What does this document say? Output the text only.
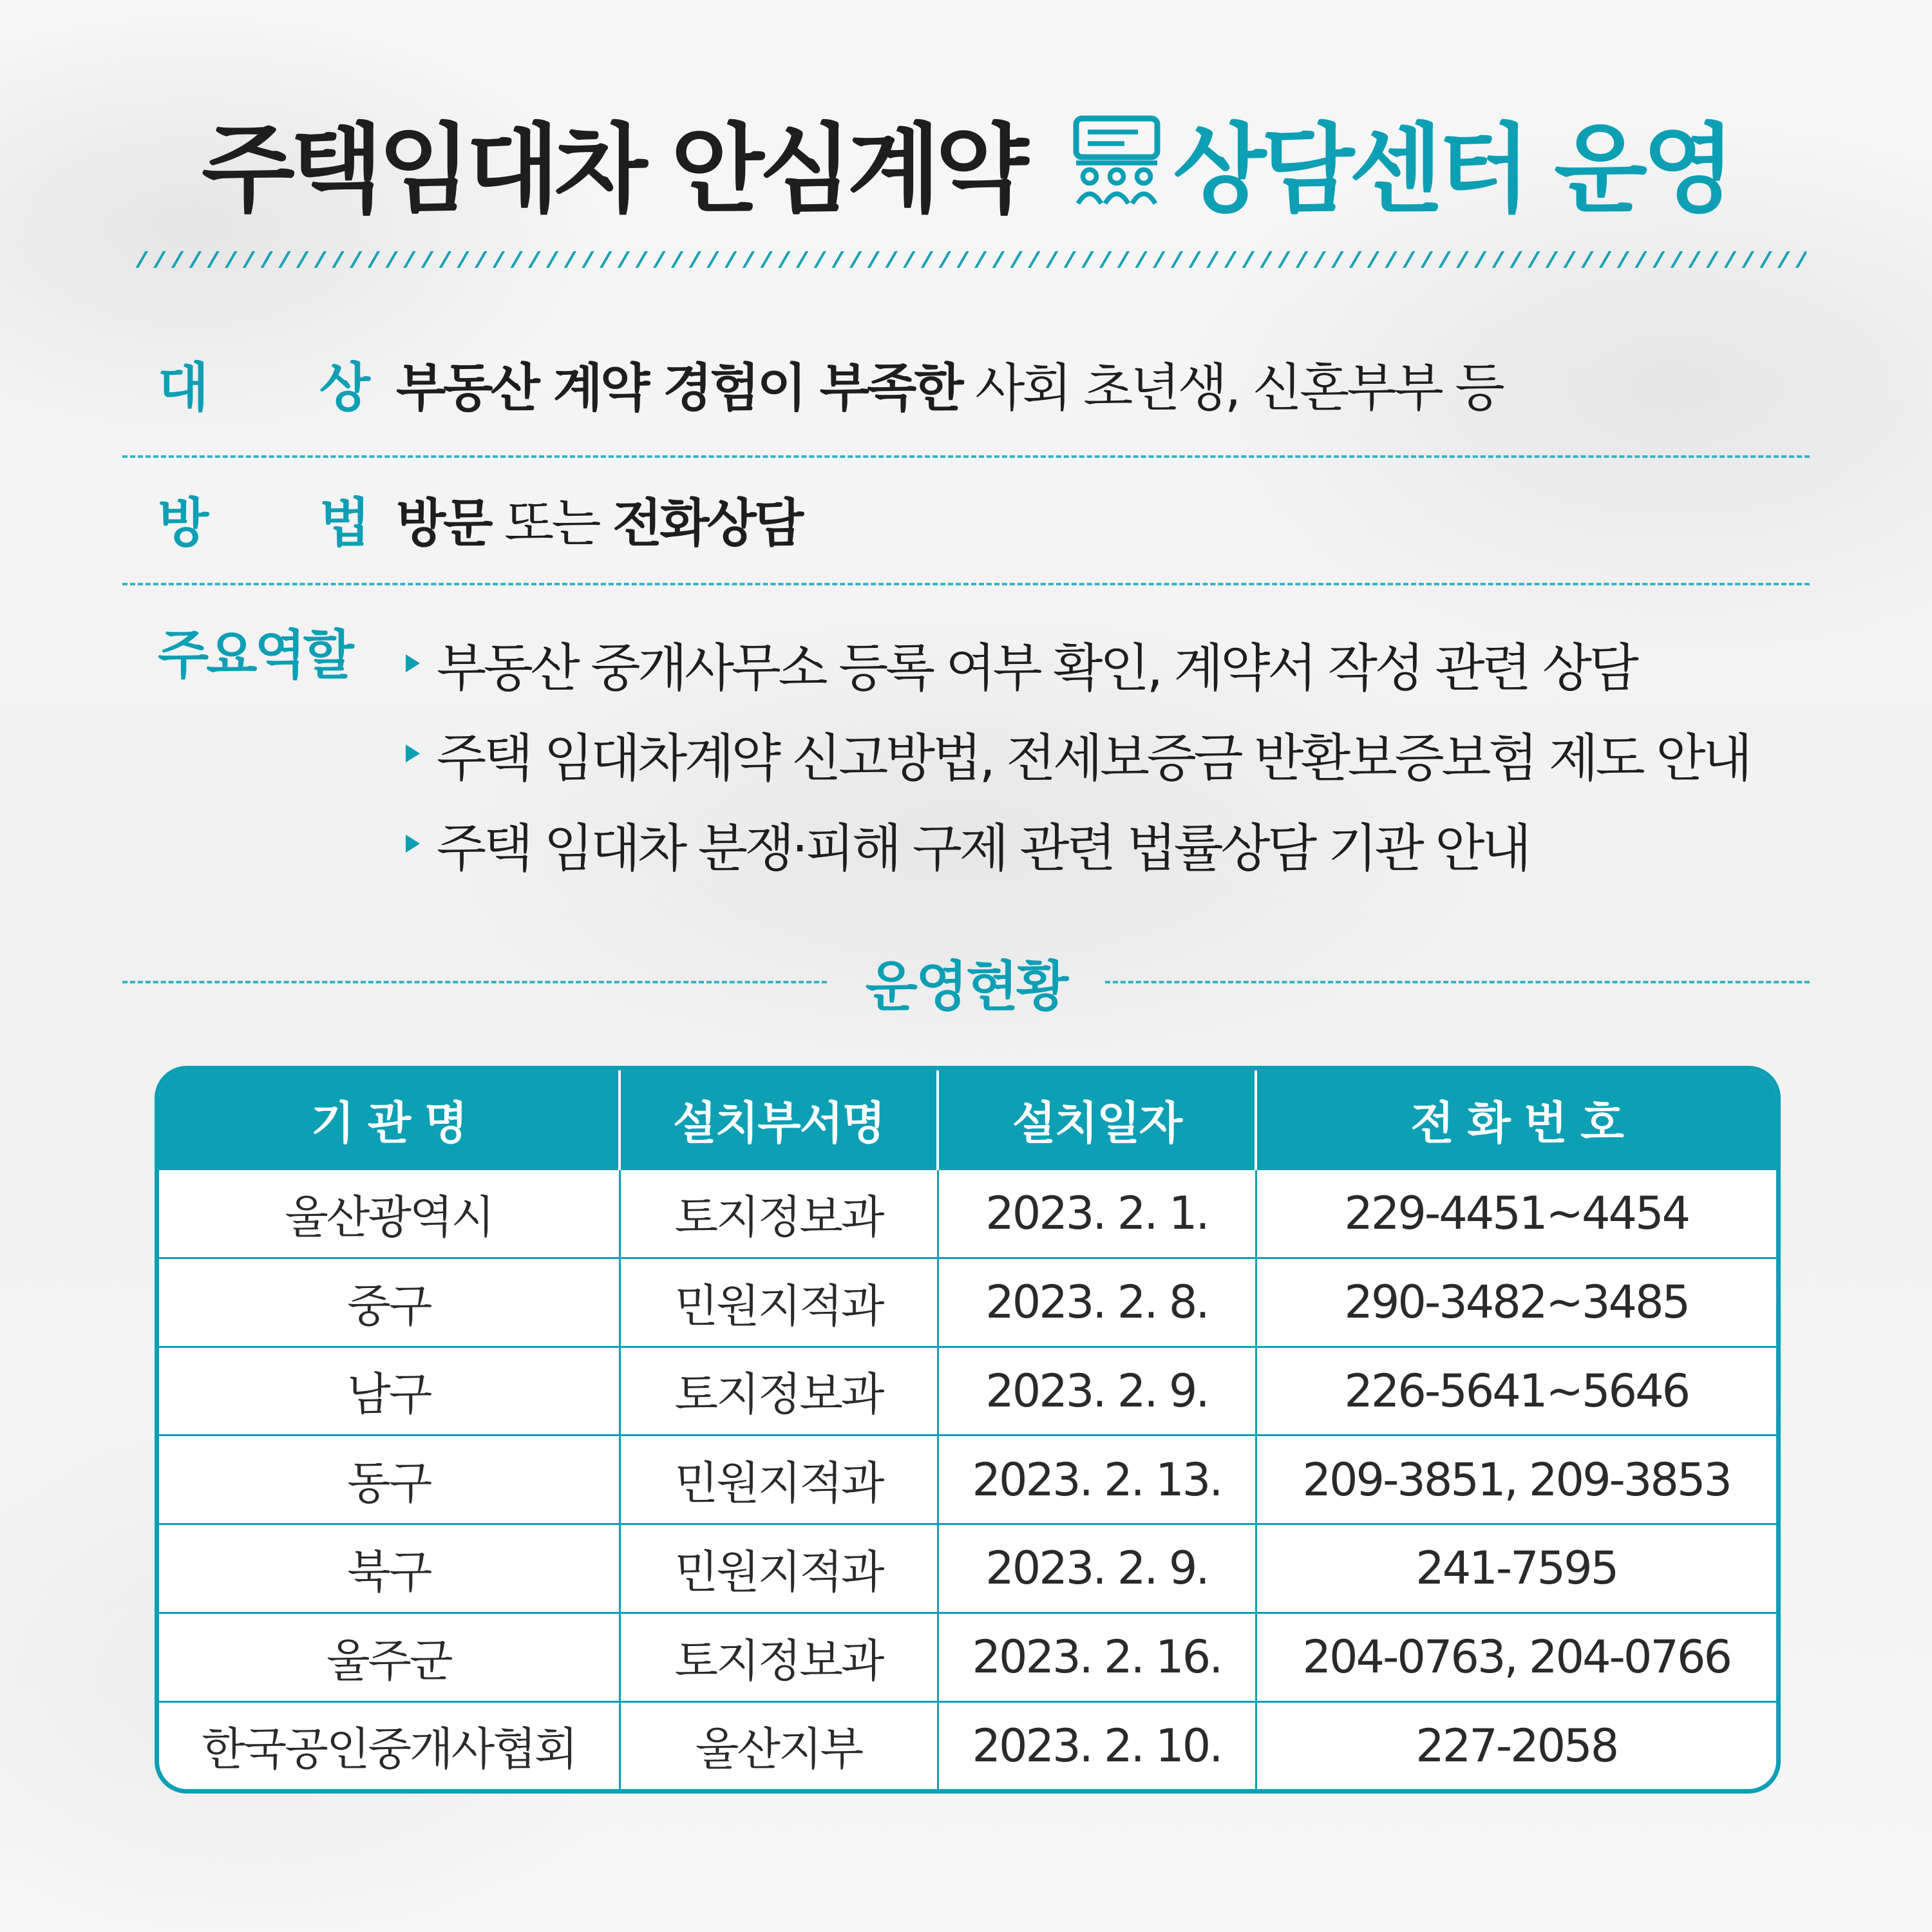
주택임대차 안심계약 상담센터 운영
대 상 부동산 계약 경험이 부족한 사회 초년생, 신혼부부 등
방 법 방문 또는 전화상담
주요역할	부동산 중개사무소 등록 여부 확인, 계약서 작성 관련 상담
주택 임대차계약 신고방법, 전세보증금 반환보증보험 제도 안내
주택 임대차 분쟁·피해 구제 관련 법률상담 기관 안내
운영현황
기 관 명	설치부서명	설치일자	전 화 번 호
울산광역시	토지정보과	2023. 2. 1.	229-4451~4454
중구	민원지적과	2023. 2. 8.	290-3482~3485
남구	토지정보과	2023. 2. 9.	226-5641~5646
동구	민원지적과	2023. 2. 13.	209-3851, 209-3853
북구	민원지적과	2023. 2. 9.	241-7595
울주군	토지정보과	2023. 2. 16.	204-0763, 204-0766
한국공인중개사협회	울산지부	2023. 2. 10.	227-2058
